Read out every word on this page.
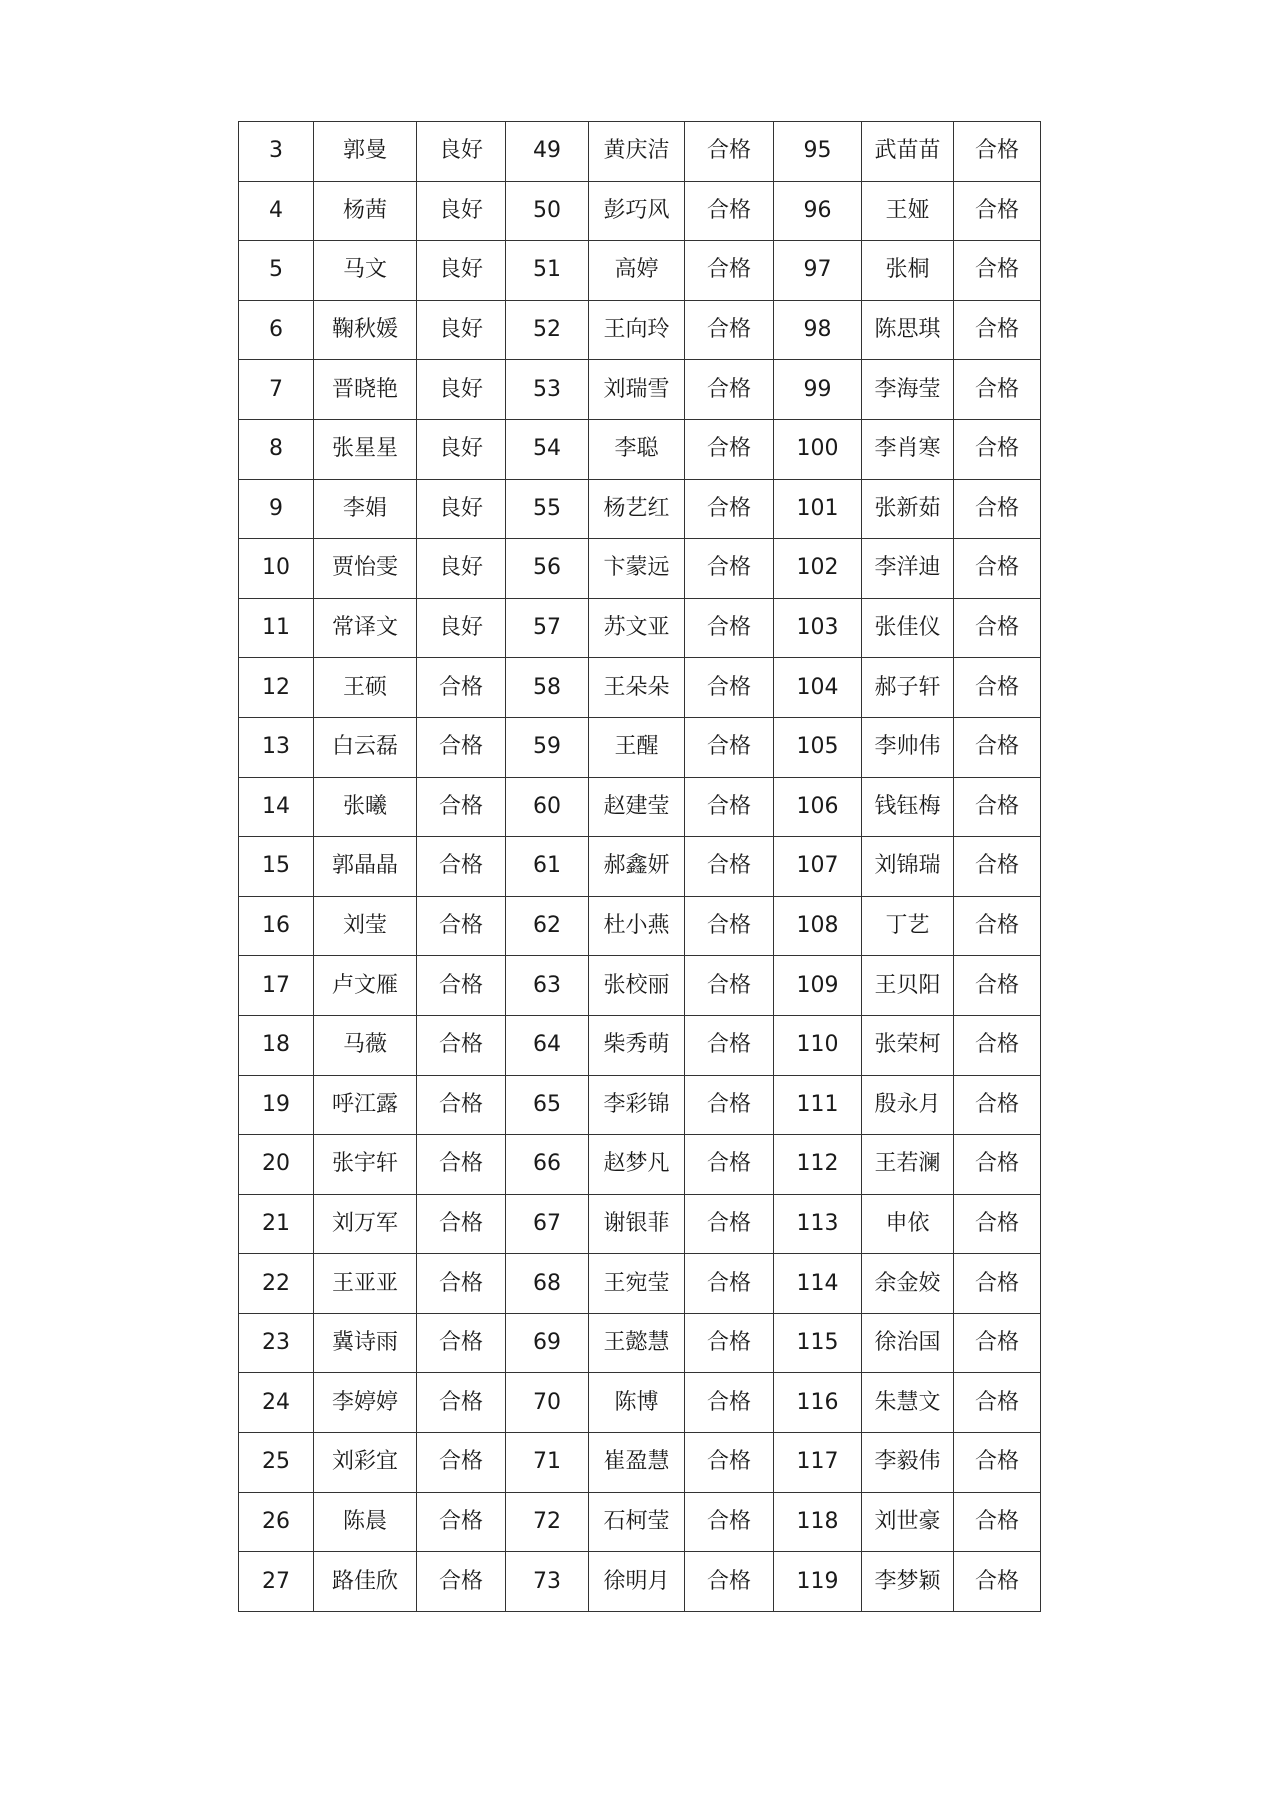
3	郭曼	良好	49	黄庆洁	合格	95	武苗苗	合格
4	杨茜	良好	50	彭巧风	合格	96	王娅	合格
5	马文	良好	51	高婷	合格	97	张桐	合格
6	鞠秋媛	良好	52	王向玲	合格	98	陈思琪	合格
7	晋晓艳	良好	53	刘瑞雪	合格	99	李海莹	合格
8	张星星	良好	54	李聪	合格	100	李肖寒	合格
9	李娟	良好	55	杨艺红	合格	101	张新茹	合格
10	贾怡雯	良好	56	卞蒙远	合格	102	李洋迪	合格
11	常译文	良好	57	苏文亚	合格	103	张佳仪	合格
12	王硕	合格	58	王朵朵	合格	104	郝子轩	合格
13	白云磊	合格	59	王醒	合格	105	李帅伟	合格
14	张曦	合格	60	赵建莹	合格	106	钱钰梅	合格
15	郭晶晶	合格	61	郝鑫妍	合格	107	刘锦瑞	合格
16	刘莹	合格	62	杜小燕	合格	108	丁艺	合格
17	卢文雁	合格	63	张校丽	合格	109	王贝阳	合格
18	马薇	合格	64	柴秀萌	合格	110	张荣柯	合格
19	呼江露	合格	65	李彩锦	合格	111	殷永月	合格
20	张宇轩	合格	66	赵梦凡	合格	112	王若澜	合格
21	刘万军	合格	67	谢银菲	合格	113	申依	合格
22	王亚亚	合格	68	王宛莹	合格	114	余金姣	合格
23	冀诗雨	合格	69	王懿慧	合格	115	徐治国	合格
24	李婷婷	合格	70	陈博	合格	116	朱慧文	合格
25	刘彩宜	合格	71	崔盈慧	合格	117	李毅伟	合格
26	陈晨	合格	72	石柯莹	合格	118	刘世豪	合格
27	路佳欣	合格	73	徐明月	合格	119	李梦颖	合格
